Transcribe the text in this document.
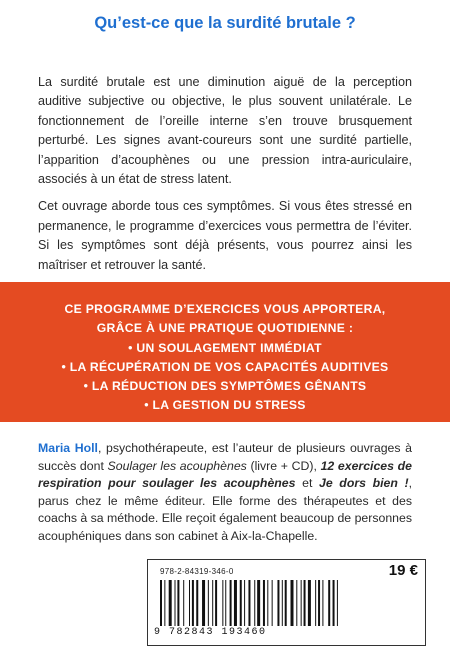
Qu’est-ce que la surdité brutale ?

La surdité brutale est une diminution aiguë de la perception auditive subjective ou objective, le plus souvent unilatérale. Le fonctionnement de l’oreille interne s’en trouve brusquement perturbé. Les signes avant-coureurs sont une surdité partielle, l’apparition d’acouphènes ou une pression intra-auriculaire, associés à un état de stress latent.

Cet ouvrage aborde tous ces symptômes. Si vous êtes stressé en permanence, le programme d’exercices vous permettra de l’éviter. Si les symptômes sont déjà présents, vous pourrez ainsi les maîtriser et retrouver la santé.

CE PROGRAMME D’EXERCICES VOUS APPORTERA,
GRÂCE À UNE PRATIQUE QUOTIDIENNE :
• UN SOULAGEMENT IMMÉDIAT
• LA RÉCUPÉRATION DE VOS CAPACITÉS AUDITIVES
• LA RÉDUCTION DES SYMPTÔMES GÊNANTS
• LA GESTION DU STRESS
Maria Holl, psychothérapeute, est l’auteur de plusieurs ouvrages à succès dont Soulager les acouphènes (livre + CD), 12 exercices de respiration pour soulager les acouphènes et Je dors bien !, parus chez le même éditeur. Elle forme des thérapeutes et des coachs à sa méthode. Elle reçoit également beaucoup de personnes acouphéniques dans son cabinet à Aix-la-Chapelle.
978-2-84319-346-0	19 €
9 782843 193460
